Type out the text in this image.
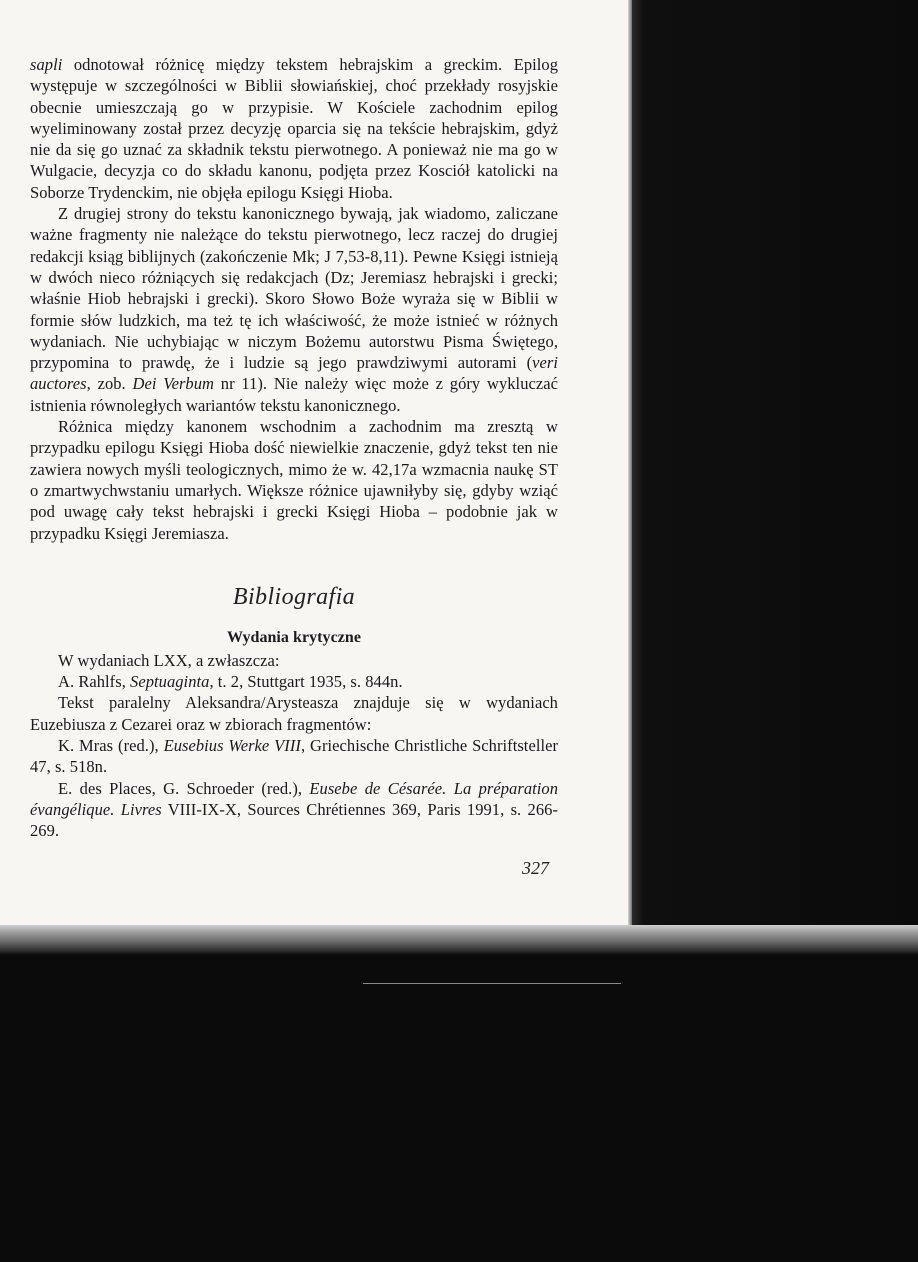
sapli odnotował różnicę między tekstem hebrajskim a greckim. Epilog występuje w szczególności w Biblii słowiańskiej, choć przekłady rosyjskie obecnie umieszczają go w przypisie. W Kościele zachodnim epilog wyeliminowany został przez decyzję oparcia się na tekście hebrajskim, gdyż nie da się go uznać za składnik tekstu pierwotnego. A ponieważ nie ma go w Wulgacie, decyzja co do składu kanonu, podjęta przez Kosciół katolicki na Soborze Trydenckim, nie objęła epilogu Księgi Hioba.

Z drugiej strony do tekstu kanonicznego bywają, jak wiadomo, zaliczane ważne fragmenty nie należące do tekstu pierwotnego, lecz raczej do drugiej redakcji ksiąg biblijnych (zakończenie Mk; J 7,53-8,11). Pewne Księgi istnieją w dwóch nieco różniących się redakcjach (Dz; Jeremiasz hebrajski i grecki; właśnie Hiob hebrajski i grecki). Skoro Słowo Boże wyraża się w Biblii w formie słów ludzkich, ma też tę ich właściwość, że może istnieć w różnych wydaniach. Nie uchybiając w niczym Bożemu autorstwu Pisma Świętego, przypomina to prawdę, że i ludzie są jego prawdziwymi autorami (veri auctores, zob. Dei Verbum nr 11). Nie należy więc może z góry wykluczać istnienia równoległych wariantów tekstu kanonicznego.

Różnica między kanonem wschodnim a zachodnim ma zresztą w przypadku epilogu Księgi Hioba dość niewielkie znaczenie, gdyż tekst ten nie zawiera nowych myśli teologicznych, mimo że w. 42,17a wzmacnia naukę ST o zmartwychwstaniu umarłych. Większe różnice ujawniłyby się, gdyby wziąć pod uwagę cały tekst hebrajski i grecki Księgi Hioba – podobnie jak w przypadku Księgi Jeremiasza.

Bibliografia

Wydania krytyczne

W wydaniach LXX, a zwłaszcza:

A. Rahlfs, Septuaginta, t. 2, Stuttgart 1935, s. 844n.

Tekst paralelny Aleksandra/Arysteasza znajduje się w wydaniach Euzebiusza z Cezarei oraz w zbiorach fragmentów:

K. Mras (red.), Eusebius Werke VIII, Griechische Christliche Schriftsteller 47, s. 518n.

E. des Places, G. Schroeder (red.), Eusebe de Césarée. La préparation évangélique. Livres VIII-IX-X, Sources Chrétiennes 369, Paris 1991, s. 266-269.

327
